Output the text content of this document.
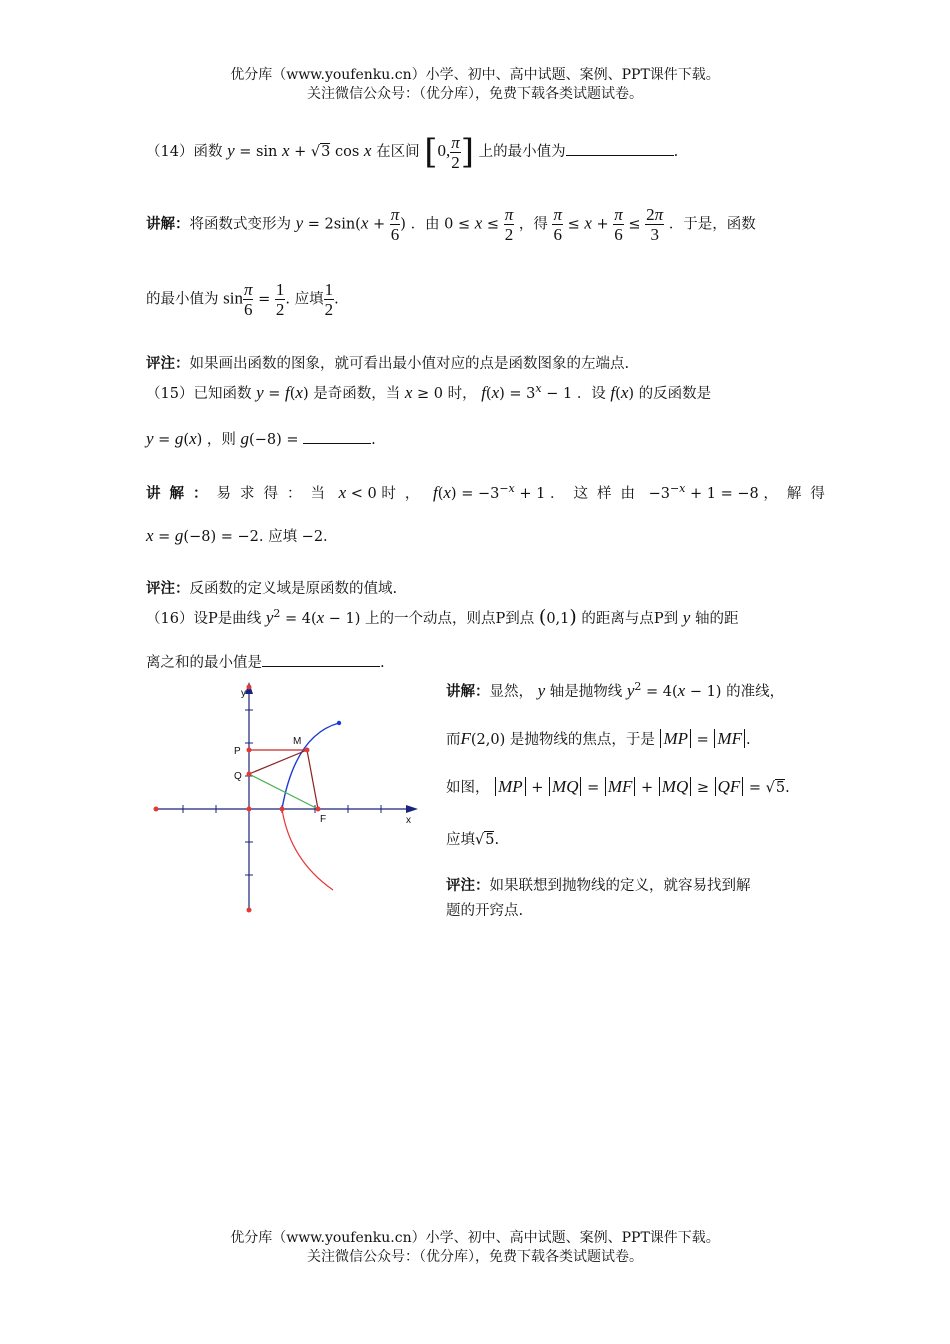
优分库（www.youfenku.cn）小学、初中、高中试题、案例、PPT课件下载。
关注微信公众号：（优分库），免费下载各类试题试卷。
（14）函数 y = sin x + √3 cos x 在区间 [0, $\frac{\pi}{2}$ ] 上的最小值为	.
讲解：将函数式变形为 $y = 2\sin(x + \frac{\pi}{6}$ ) ．由 $0 \le x \le \frac{\pi}{2}$ ，得 $\frac{\pi}{6} \le x + \frac{\pi}{6} \le \frac{2\pi}{3}$ ．于是，函数
的最小值为 $\sin \frac{\pi}{6} = \frac{1}{2}$ . 应填 $\frac{1}{2}$ .
评注：如果画出函数的图象，就可看出最小值对应的点是函数图象的左端点.
（15）已知函数 y = f(x) 是奇函数，当 x ≥ 0 时， $f(x) = 3^x - 1$ ．设 f(x) 的反函数是
y = g(x) ，则 g(−8) =	.
讲解：易求得：当 x < 0 时， $f(x) = -3^{-x} + 1$ ．这样由 $-3^{-x} + 1 = -8$ ，解得
x = g(−8) = −2. 应填 −2.
评注：反函数的定义域是原函数的值域.
（16）设P是曲线 $y^2 = 4(x - 1)$ 上的一个动点，则点P到点 (0,1) 的距离与点P到 y 轴的距
离之和的最小值是	.
y
x
P
Q
M
F
讲解：显然， y 轴是抛物线 $y^2 = 4(x - 1)$ 的准线，
而F(2,0) 是抛物线的焦点，于是 MP = MF .
如图， MP + MQ = MF + MQ ≥ QF = √5.
应填√5.
评注：如果联想到抛物线的定义，就容易找到解
题的开窍点.
优分库（www.youfenku.cn）小学、初中、高中试题、案例、PPT课件下载。
关注微信公众号：（优分库），免费下载各类试题试卷。
